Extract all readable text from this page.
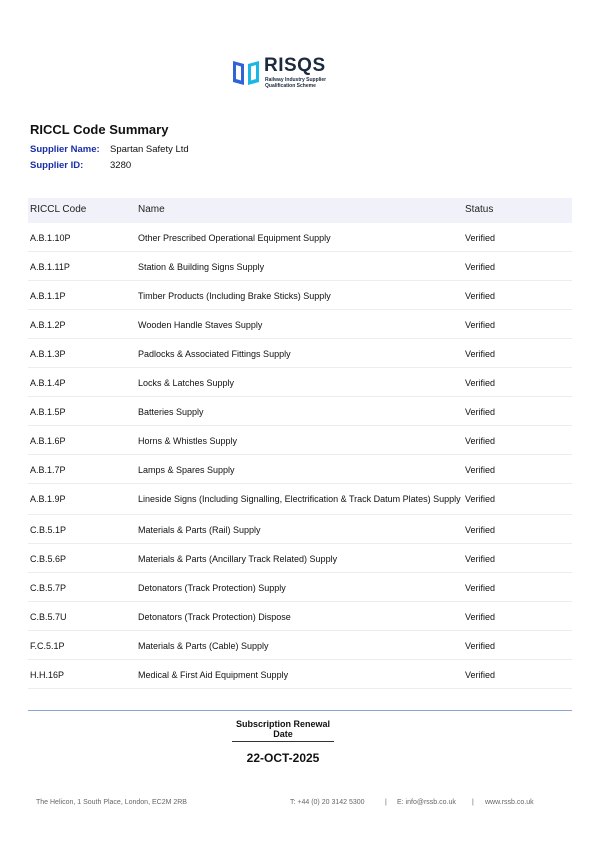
RISQS
Railway Industry Supplier
Qualification Scheme
RICCL Code Summary
Supplier Name:	Spartan Safety Ltd
Supplier ID:	3280
RICCL Code	Name	Status
A.B.1.10P	Other Prescribed Operational Equipment Supply	Verified
A.B.1.11P	Station & Building Signs Supply	Verified
A.B.1.1P	Timber Products (Including Brake Sticks) Supply	Verified
A.B.1.2P	Wooden Handle Staves Supply	Verified
A.B.1.3P	Padlocks & Associated Fittings Supply	Verified
A.B.1.4P	Locks & Latches Supply	Verified
A.B.1.5P	Batteries Supply	Verified
A.B.1.6P	Horns & Whistles Supply	Verified
A.B.1.7P	Lamps & Spares Supply	Verified
A.B.1.9P	Lineside Signs (Including Signalling, Electrification & Track Datum Plates) Supply Verified
C.B.5.1P	Materials & Parts (Rail) Supply	Verified
C.B.5.6P	Materials & Parts (Ancillary Track Related) Supply	Verified
C.B.5.7P	Detonators (Track Protection) Supply	Verified
C.B.5.7U	Detonators (Track Protection) Dispose	Verified
F.C.5.1P	Materials & Parts (Cable) Supply	Verified
H.H.16P	Medical & First Aid Equipment Supply	Verified
Subscription Renewal
Date
22-OCT-2025
The Helicon, 1 South Place, London, EC2M 2RB	T: +44 (0) 20 3142 5300	| E: info@rssb.co.uk | www.rssb.co.uk
